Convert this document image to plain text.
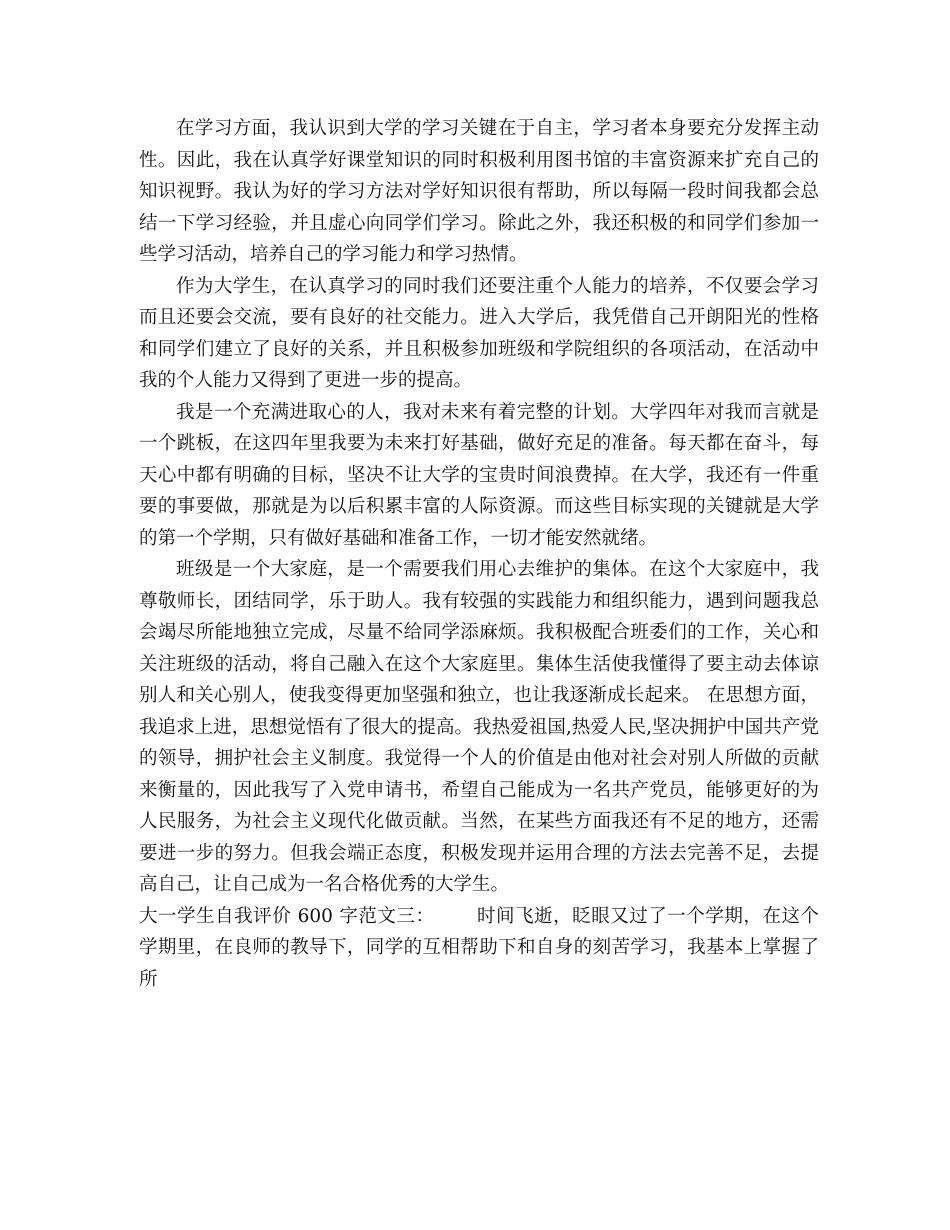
在学习方面，我认识到大学的学习关键在于自主，学习者本身要充分发挥主动性。因此，我在认真学好课堂知识的同时积极利用图书馆的丰富资源来扩充自己的知识视野。我认为好的学习方法对学好知识很有帮助，所以每隔一段时间我都会总结一下学习经验，并且虚心向同学们学习。除此之外，我还积极的和同学们参加一些学习活动，培养自己的学习能力和学习热情。

作为大学生，在认真学习的同时我们还要注重个人能力的培养，不仅要会学习而且还要会交流，要有良好的社交能力。进入大学后，我凭借自己开朗阳光的性格和同学们建立了良好的关系，并且积极参加班级和学院组织的各项活动，在活动中我的个人能力又得到了更进一步的提高。

我是一个充满进取心的人，我对未来有着完整的计划。大学四年对我而言就是一个跳板，在这四年里我要为未来打好基础，做好充足的准备。每天都在奋斗，每天心中都有明确的目标，坚决不让大学的宝贵时间浪费掉。在大学，我还有一件重要的事要做，那就是为以后积累丰富的人际资源。而这些目标实现的关键就是大学的第一个学期，只有做好基础和准备工作，一切才能安然就绪。

班级是一个大家庭，是一个需要我们用心去维护的集体。在这个大家庭中，我尊敬师长，团结同学，乐于助人。我有较强的实践能力和组织能力，遇到问题我总会竭尽所能地独立完成，尽量不给同学添麻烦。我积极配合班委们的工作，关心和关注班级的活动，将自己融入在这个大家庭里。集体生活使我懂得了要主动去体谅别人和关心别人，使我变得更加坚强和独立，也让我逐渐成长起来。 在思想方面，我追求上进，思想觉悟有了很大的提高。我热爱祖国,热爱人民,坚决拥护中国共产党的领导，拥护社会主义制度。我觉得一个人的价值是由他对社会对别人所做的贡献来衡量的，因此我写了入党申请书，希望自己能成为一名共产党员，能够更好的为人民服务，为社会主义现代化做贡献。当然，在某些方面我还有不足的地方，还需要进一步的努力。但我会端正态度，积极发现并运用合理的方法去完善不足，去提高自己，让自己成为一名合格优秀的大学生。

大一学生自我评价 600 字范文三： 时间飞逝，眨眼又过了一个学期，在这个学期里，在良师的教导下，同学的互相帮助下和自身的刻苦学习，我基本上掌握了所
